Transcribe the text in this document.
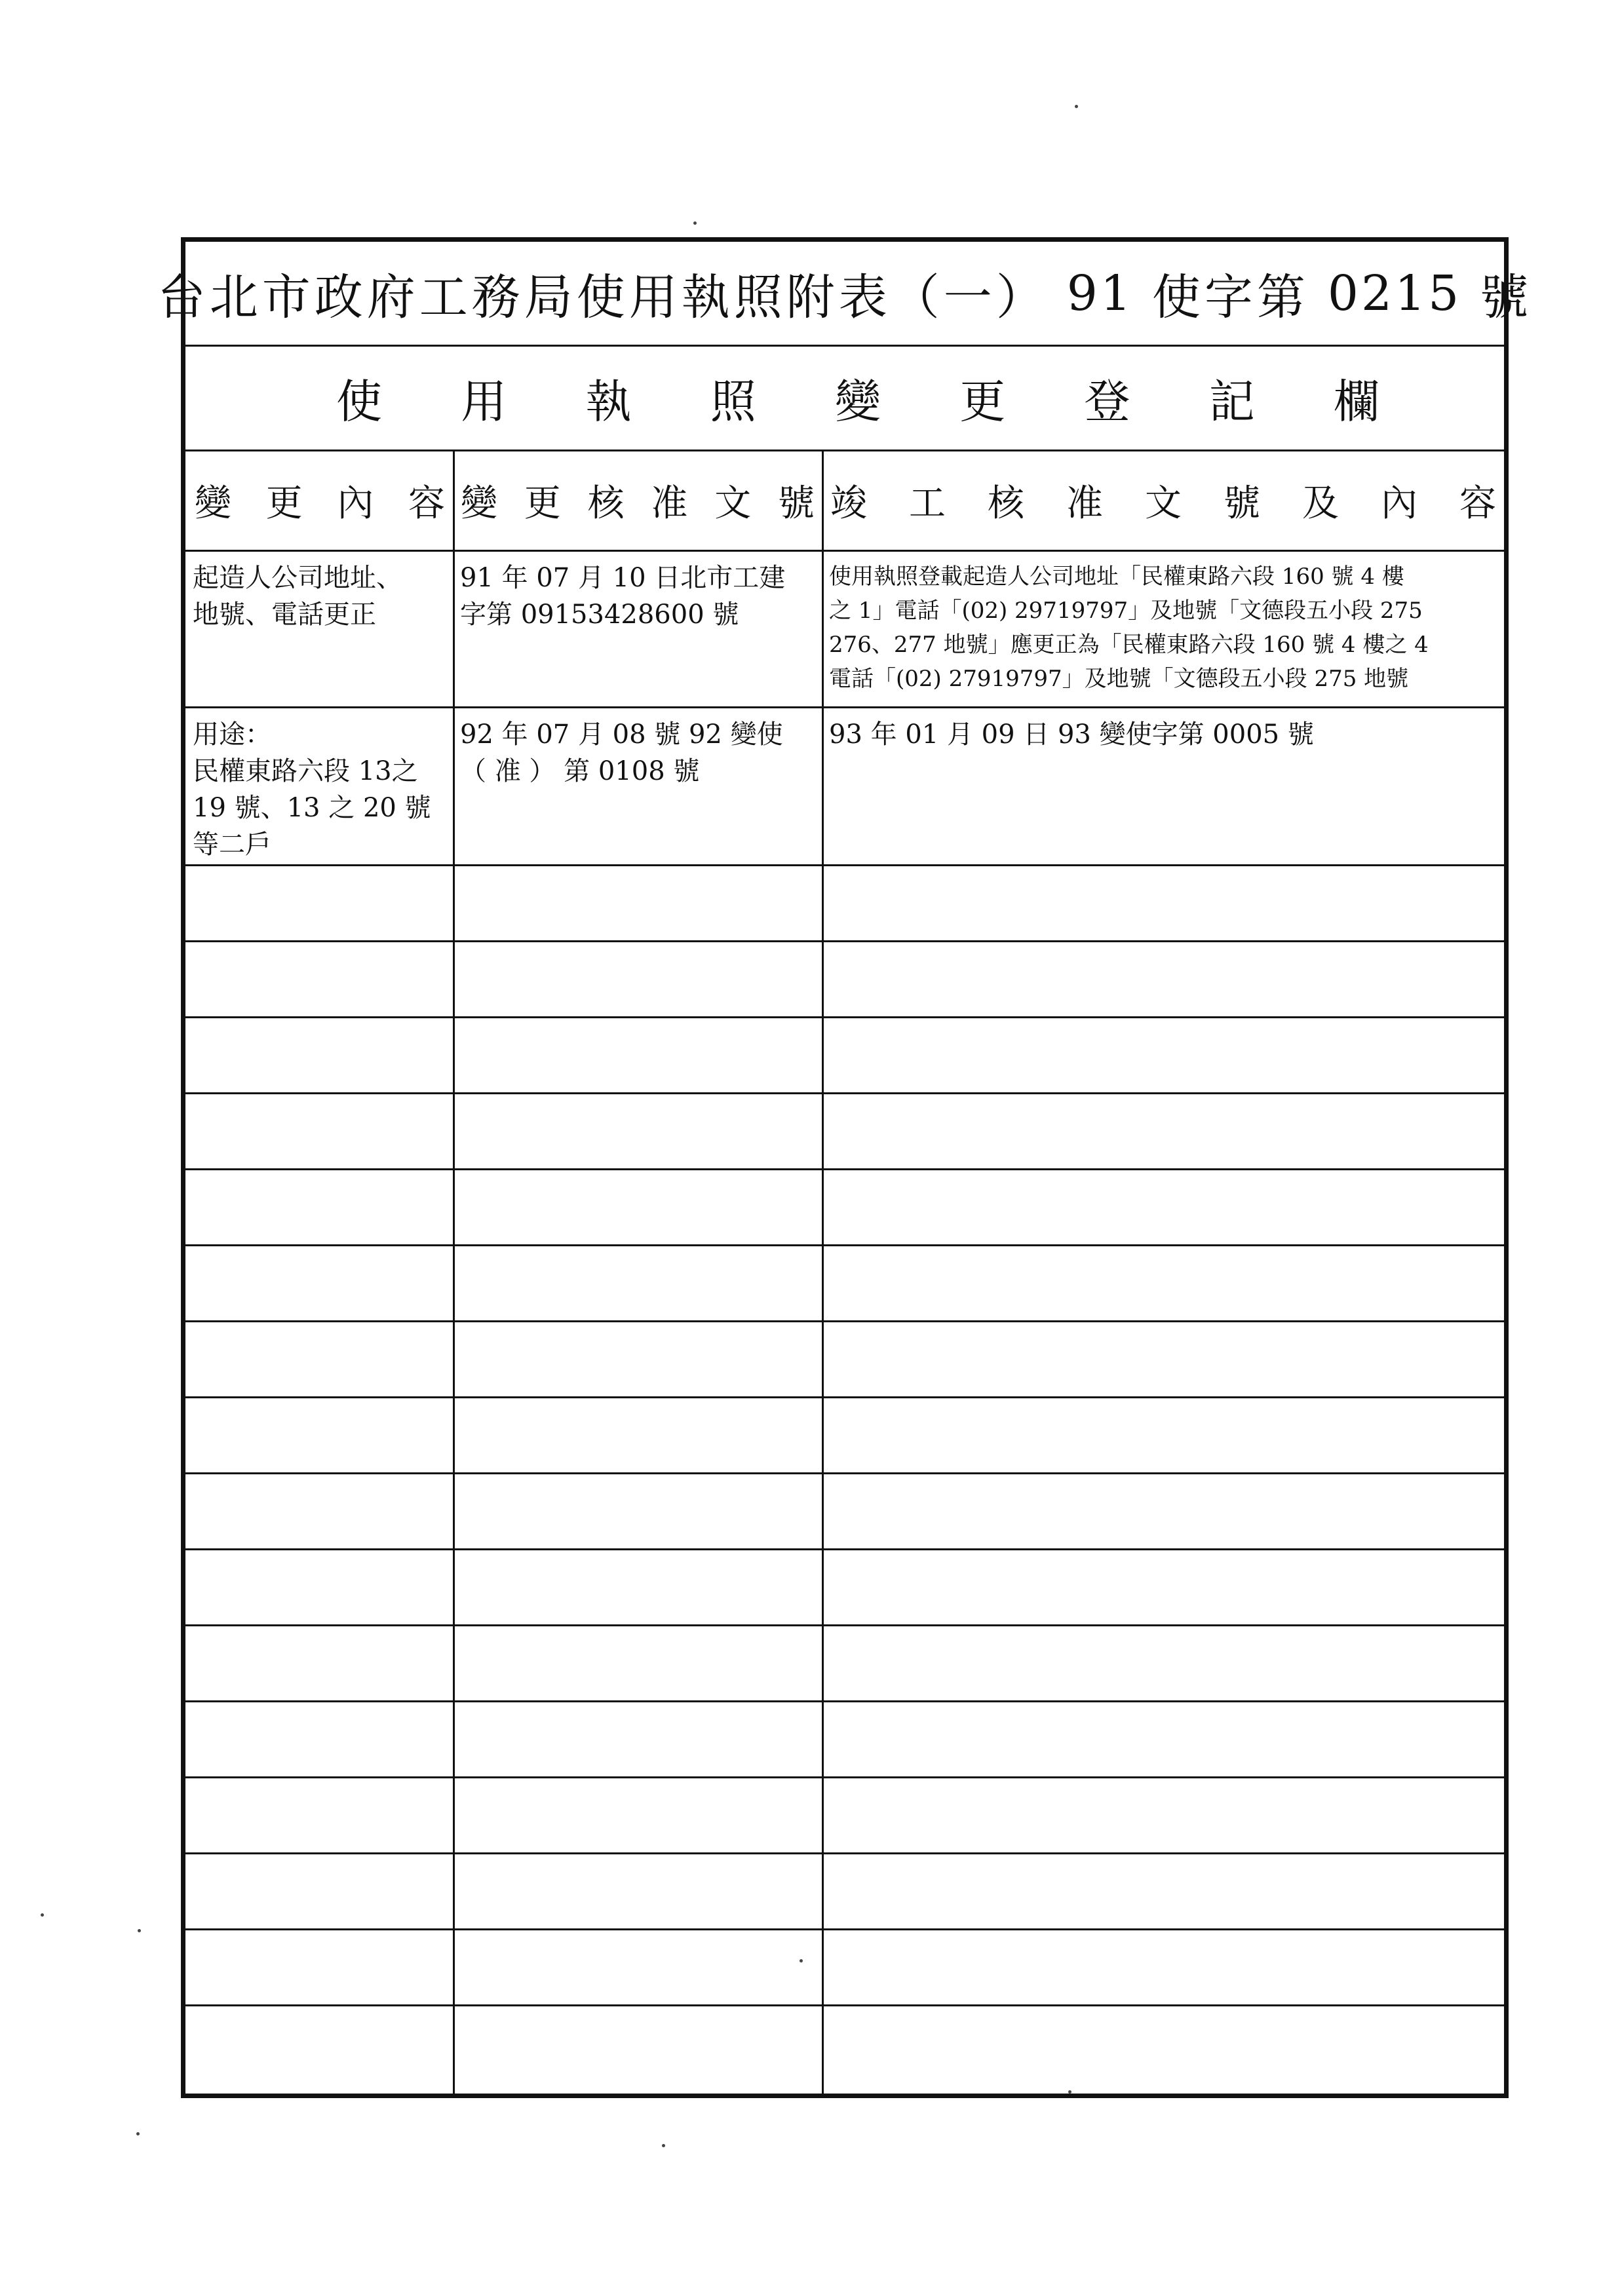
台北市政府工務局使用執照附表（一） 91 使字第 0215 號
使 用 執 照 變 更 登 記 欄
變 更 內 容 變 更 核 准 文 號 竣 工 核 准 文 號 及 內 容
起造人公司地址、
地號、電話更正
91 年 07 月 10 日北市工建
字第 09153428600 號
使用執照登載起造人公司地址「民權東路六段 160 號 4 樓
之 1」電話「(02) 29719797」及地號「文德段五小段 275
276、277 地號」應更正為「民權東路六段 160 號 4 樓之 4
電話「(02) 27919797」及地號「文德段五小段 275 地號
用途：
民權東路六段 13之
19 號、13 之 20 號
等二戶
92 年 07 月 08 號 92 變使
（ 准 ） 第 0108 號
93 年 01 月 09 日 93 變使字第 0005 號
